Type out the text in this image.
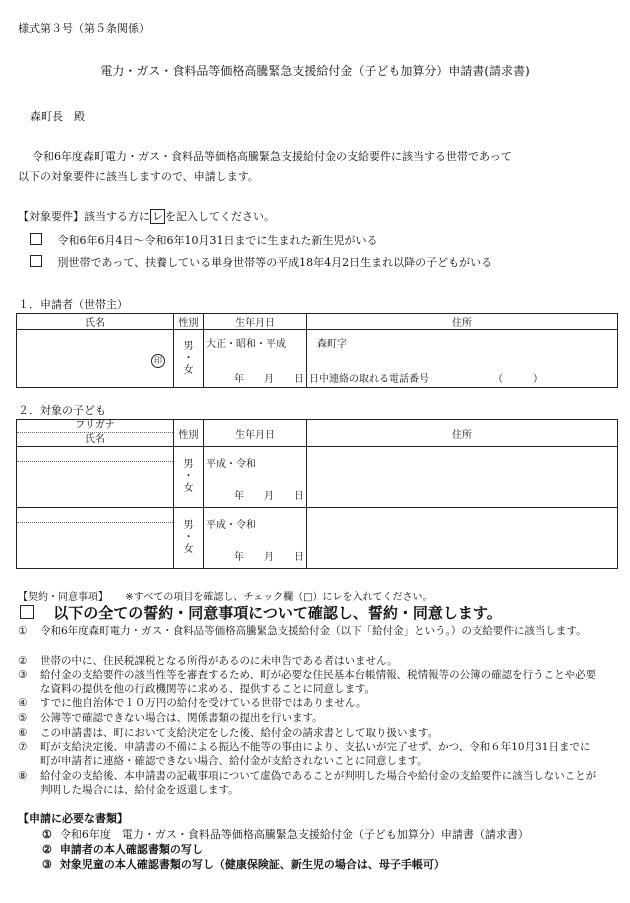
様式第３号（第５条関係）
電力・ガス・食料品等価格高騰緊急支援給付金（子ども加算分）申請書(請求書)
森町長　殿
令和6年度森町電力・ガス・食料品等価格高騰緊急支援給付金の支給要件に該当する世帯であって
以下の対象要件に該当しますので、申請します。
【対象要件】該当する方に レ を記入してください。
令和6年6月4日～令和6年10月31日までに生まれた新生児がいる
別世帯であって、扶養している単身世帯等の平成18年4月2日生まれ以降の子どもがいる
１．申請者（世帯主）
氏名	性別	生年月日	住所

印	男
・
女	大正・昭和・平成
年　　月　　日	森町字
日中連絡の取れる電話番号 （　　　）
２．対象の子ども
フリガナ
氏名	性別	生年月日	住所

	男
・
女	平成・令和
年　　月　　日	

	男
・
女	平成・令和
年　　月　　日	

【契約・同意事項】 ※すべての項目を確認し、チェック欄（□）にレを入れてください。
以下の全ての誓約・同意事項について確認し、誓約・同意します。
①	令和6年度森町電力・ガス・食料品等価格高騰緊急支援給付金（以下「給付金」という。）の支給要件に該当します。
②	世帯の中に、住民税課税となる所得があるのに未申告である者はいません。
③	給付金の支給要件の該当性等を審査するため、町が必要な住民基本台帳情報、税情報等の公簿の確認を行うことや必要な資料の提供を他の行政機関等に求める、提供することに同意します。
④	すでに他自治体で１０万円の給付を受けている世帯ではありません。
⑤	公簿等で確認できない場合は、関係書類の提出を行います。
⑥	この申請書は、町において支給決定をした後、給付金の請求書として取り扱います。
⑦	町が支給決定後、申請書の不備による振込不能等の事由により、支払いが完了せず、かつ、令和６年10月31日までに町が申請者に連絡・確認できない場合、給付金が支給されないことに同意します。
⑧	給付金の支給後、本申請書の記載事項について虚偽であることが判明した場合や給付金の支給要件に該当しないことが判明した場合には、給付金を返還します。
【申請に必要な書類】
① 令和6年度　電力・ガス・食料品等価格高騰緊急支援給付金（子ども加算分）申請書（請求書）
② 申請者の本人確認書類の写し
③ 対象児童の本人確認書類の写し（健康保険証、新生児の場合は、母子手帳可）
